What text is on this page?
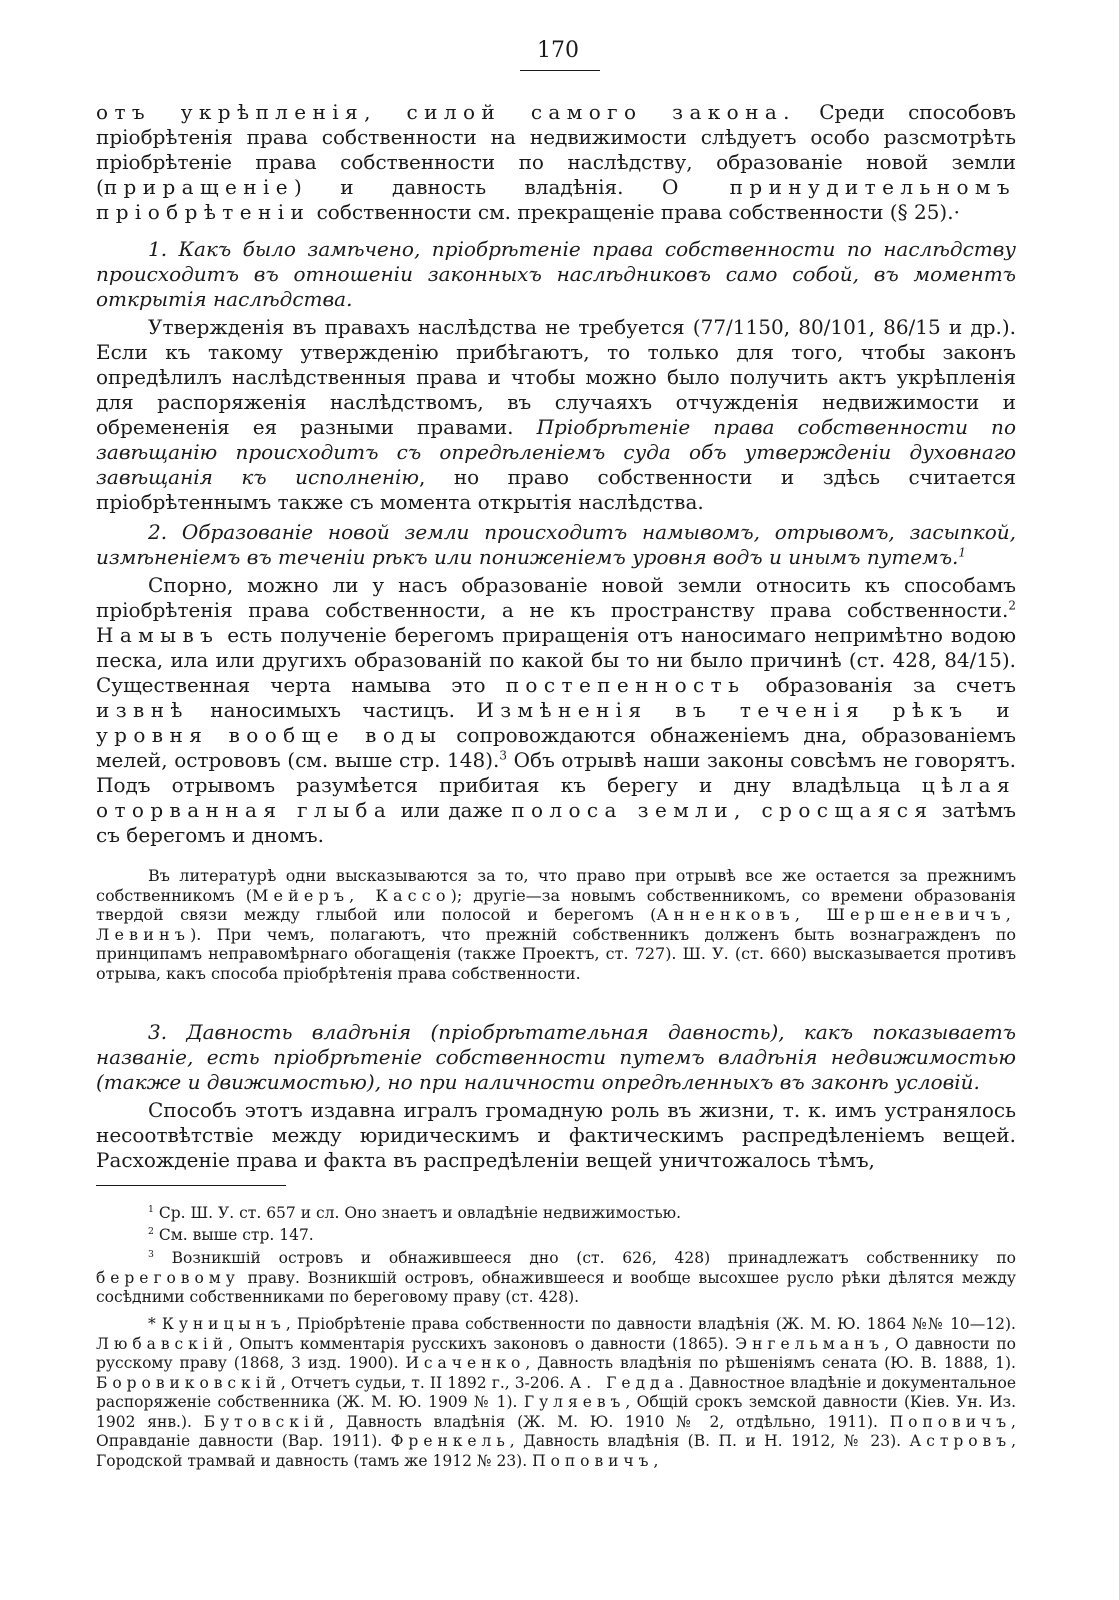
170

отъ укрѣпленія, силой самого закона. Среди способовъ пріобрѣтенія права собственности на недвижимости слѣдуетъ особо разсмотрѣть пріобрѣтеніе права собственности по наслѣдству, образованіе новой земли (приращеніе) и давность владѣнія. О принудительномъ пріобрѣтеніи собственности см. прекращеніе права собственности (§ 25).·

1. Какъ было замѣчено, пріобрѣтеніе права собственности по наслѣдству происходитъ въ отношеніи законныхъ наслѣдниковъ само собой, въ моментъ открытія наслѣдства.

Утвержденія въ правахъ наслѣдства не требуется (77/1150, 80/101, 86/15 и др.). Если къ такому утвержденію прибѣгаютъ, то только для того, чтобы законъ опредѣлилъ наслѣдственныя права и чтобы можно было получить актъ укрѣпленія для распоряженія наслѣдствомъ, въ случаяхъ отчужденія недвижимости и обремененія ея разными правами. Пріобрѣтеніе права собственности по завѣщанію происходитъ съ опредѣленіемъ суда объ утвержденіи духовнаго завѣщанія къ исполненію, но право собственности и здѣсь считается пріобрѣтеннымъ также съ момента открытія наслѣдства.

2. Образованіе новой земли происходитъ намывомъ, отрывомъ, засыпкой, измѣненіемъ въ теченіи рѣкъ или пониженіемъ уровня водъ и инымъ путемъ.$^1$

Спорно, можно ли у насъ образованіе новой земли относить къ способамъ пріобрѣтенія права собственности, а не къ пространству права собственности.$^2$ Намывъ есть полученіе берегомъ приращенія отъ наносимаго непримѣтно водою песка, ила или другихъ образованій по какой бы то ни было причинѣ (ст. 428, 84/15). Существенная черта намыва это постепенность образованія за счетъ извнѣ наносимыхъ частицъ. Измѣненія въ теченія рѣкъ и уровня вообще воды сопровождаются обнаженіемъ дна, образованіемъ мелей, острововъ (см. выше стр. 148).$^3$ Объ отрывѣ наши законы совсѣмъ не говорятъ. Подъ отрывомъ разумѣется прибитая къ берегу и дну владѣльца цѣлая оторванная глыба или даже полоса земли, сросщаяся затѣмъ съ берегомъ и дномъ.

Въ литературѣ одни высказываются за то, что право при отрывѣ все же остается за прежнимъ собственникомъ (Мейеръ, Кассо); другіе—за новымъ собственникомъ, со времени образованія твердой связи между глыбой или полосой и берегомъ (Анненковъ, Шершеневичъ, Левинъ). При чемъ, полагаютъ, что прежній собственникъ долженъ быть вознагражденъ по принципамъ неправомѣрнаго обогащенія (также Проектъ, ст. 727). Ш. У. (ст. 660) высказывается противъ отрыва, какъ способа пріобрѣтенія права собственности.

3. Давность владѣнія (пріобрѣтательная давность), какъ показываетъ названіе, есть пріобрѣтеніе собственности путемъ владѣнія недвижимостью (также и движимостью), но при наличности опредѣленныхъ въ законѣ условій.

Способъ этотъ издавна игралъ громадную роль въ жизни, т. к. имъ устранялось несоотвѣтствіе между юридическимъ и фактическимъ распредѣленіемъ вещей. Расхожденіе права и факта въ распредѣленіи вещей уничтожалось тѣмъ,

$^1$ Ср. Ш. У. ст. 657 и сл. Оно знаетъ и овладѣніе недвижимостью.

$^2$ См. выше стр. 147.

$^3$ Возникшій островъ и обнажившееся дно (ст. 626, 428) принадлежатъ собственнику по береговому праву. Возникшій островъ, обнажившееся и вообще высохшее русло рѣки дѣлятся между сосѣдними собственниками по береговому праву (ст. 428).

* Куницынъ, Пріобрѣтеніе права собственности по давности владѣнія (Ж. М. Ю. 1864 №№ 10—12). Любавскій, Опытъ комментарія русскихъ законовъ о давности (1865). Энгельманъ, О давности по русскому праву (1868, 3 изд. 1900). Исаченко, Давность владѣнія по рѣшеніямъ сената (Ю. В. 1888, 1). Боровиковскій, Отчетъ судьи, т. II 1892 г., 3-206. А. Гедда. Давностное владѣніе и документальное распоряженіе собственника (Ж. М. Ю. 1909 № 1). Гуляевъ, Общій срокъ земской давности (Кіев. Ун. Из. 1902 янв.). Бутовскій, Давность владѣнія (Ж. М. Ю. 1910 № 2, отдѣльно, 1911). Поповичъ, Оправданіе давности (Вар. 1911). Френкель, Давность владѣнія (В. П. и Н. 1912, № 23). Астровъ, Городской трамвай и давность (тамъ же 1912 № 23). Поповичъ,
